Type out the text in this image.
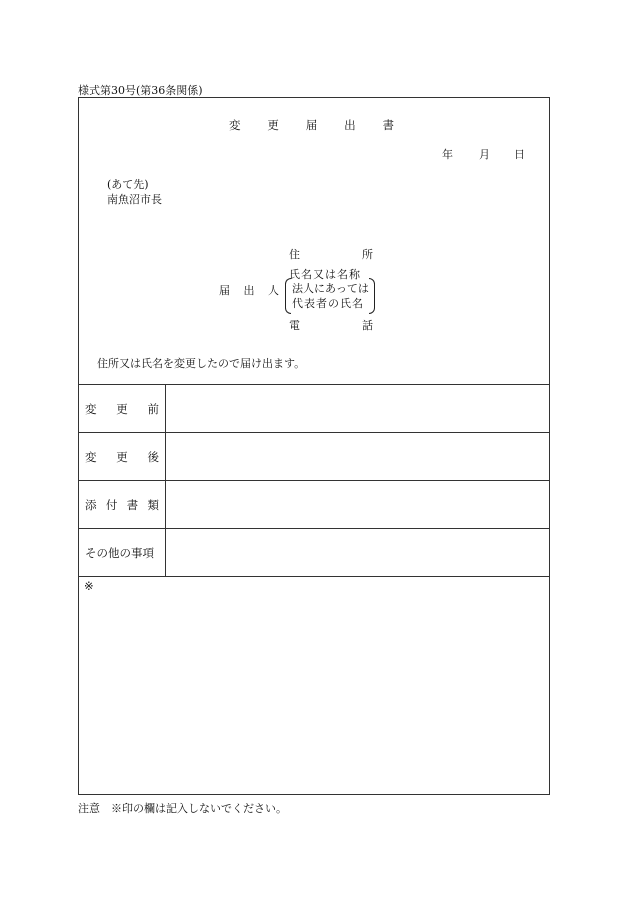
様式第30号(第36条関係)
変 更 届 出 書
年 月 日
(あて先)
南魚沼市長
住	所
氏名又は名称
届 出 人 法人にあっては
代表者の氏名
電	話
住所又は氏名を変更したので届け出ます。
変 更 前
変 更 後
添 付 書 類
その他の事項
※
注意　※印の欄は記入しないでください。
